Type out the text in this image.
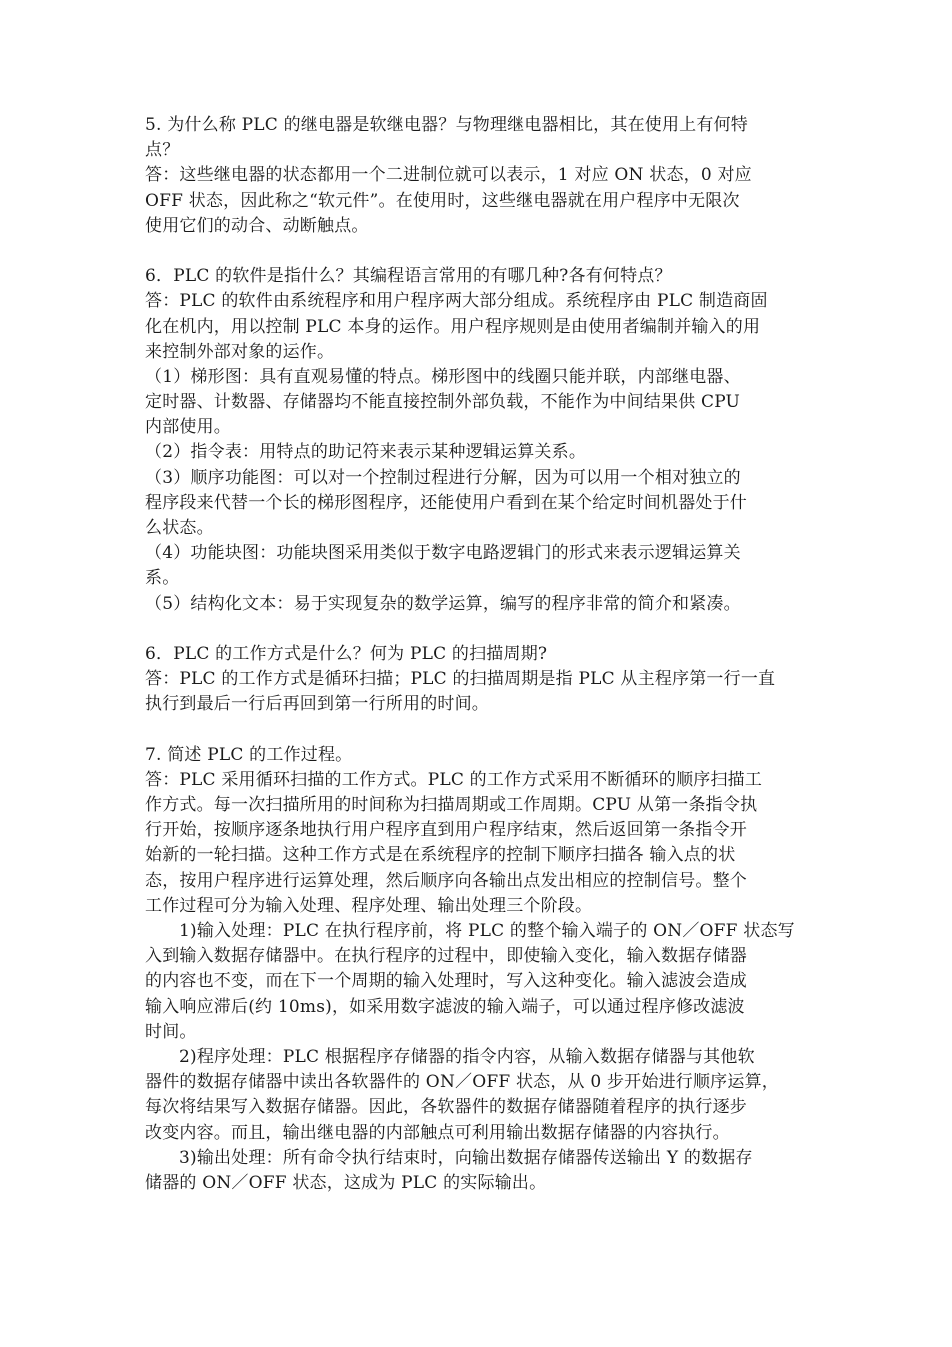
5. 为什么称 PLC 的继电器是软继电器？与物理继电器相比，其在使用上有何特
点？
答：这些继电器的状态都用一个二进制位就可以表示，1 对应 ON 状态，0 对应
OFF 状态，因此称之“软元件”。在使用时，这些继电器就在用户程序中无限次
使用它们的动合、动断触点。
6．PLC 的软件是指什么？其编程语言常用的有哪几种?各有何特点？
答：PLC 的软件由系统程序和用户程序两大部分组成。系统程序由 PLC 制造商固
化在机内，用以控制 PLC 本身的运作。用户程序规则是由使用者编制并输入的用
来控制外部对象的运作。
（1）梯形图：具有直观易懂的特点。梯形图中的线圈只能并联，内部继电器、
定时器、计数器、存储器均不能直接控制外部负载，不能作为中间结果供 CPU
内部使用。
（2）指令表：用特点的助记符来表示某种逻辑运算关系。
（3）顺序功能图：可以对一个控制过程进行分解，因为可以用一个相对独立的
程序段来代替一个长的梯形图程序，还能使用户看到在某个给定时间机器处于什
么状态。
（4）功能块图：功能块图采用类似于数字电路逻辑门的形式来表示逻辑运算关
系。
（5）结构化文本：易于实现复杂的数学运算，编写的程序非常的简介和紧凑。
6．PLC 的工作方式是什么？何为 PLC 的扫描周期?
答：PLC 的工作方式是循环扫描；PLC 的扫描周期是指 PLC 从主程序第一行一直
执行到最后一行后再回到第一行所用的时间。
7. 简述 PLC 的工作过程。
答：PLC 采用循环扫描的工作方式。PLC 的工作方式采用不断循环的顺序扫描工
作方式。每一次扫描所用的时间称为扫描周期或工作周期。CPU 从第一条指令执
行开始，按顺序逐条地执行用户程序直到用户程序结束，然后返回第一条指令开
始新的一轮扫描。这种工作方式是在系统程序的控制下顺序扫描各 输入点的状
态，按用户程序进行运算处理，然后顺序向各输出点发出相应的控制信号。整个
工作过程可分为输入处理、程序处理、输出处理三个阶段。
1)输入处理：PLC 在执行程序前，将 PLC 的整个输入端子的 ON／OFF 状态写
入到输入数据存储器中。在执行程序的过程中，即使输入变化，输入数据存储器
的内容也不变，而在下一个周期的输入处理时，写入这种变化。输入滤波会造成
输入响应滞后(约 10ms)，如采用数字滤波的输入端子，可以通过程序修改滤波
时间。
2)程序处理：PLC 根据程序存储器的指令内容，从输入数据存储器与其他软
器件的数据存储器中读出各软器件的 ON／OFF 状态，从 0 步开始进行顺序运算，
每次将结果写入数据存储器。因此，各软器件的数据存储器随着程序的执行逐步
改变内容。而且，输出继电器的内部触点可利用输出数据存储器的内容执行。
3)输出处理：所有命令执行结束时，向输出数据存储器传送输出 Y 的数据存
储器的 ON／OFF 状态，这成为 PLC 的实际输出。
